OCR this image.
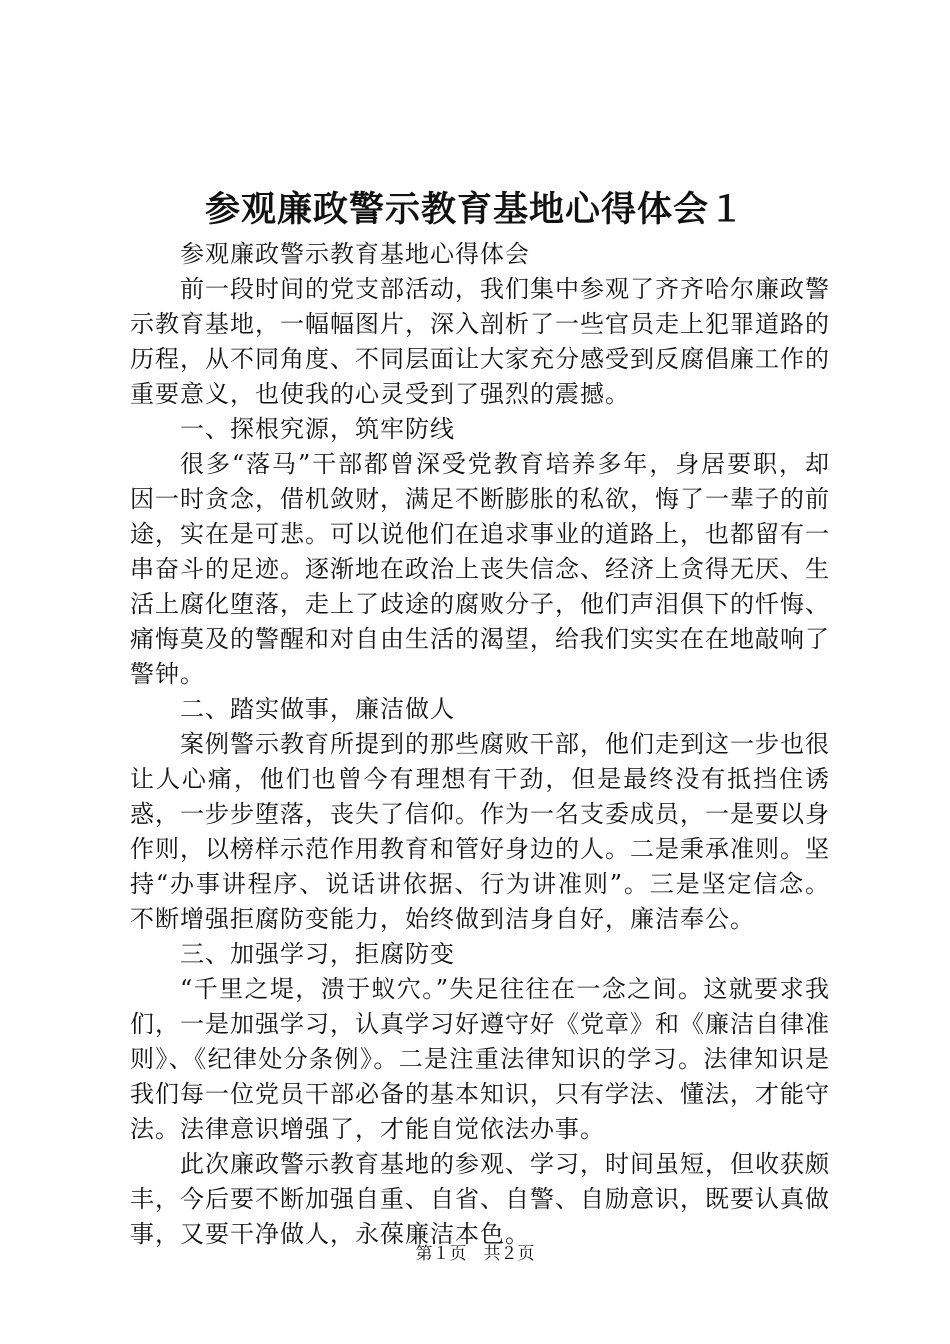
参观廉政警示教育基地心得体会１

参观廉政警示教育基地心得体会

前一段时间的党支部活动，我们集中参观了齐齐哈尔廉政警示教育基地，一幅幅图片，深入剖析了一些官员走上犯罪道路的历程，从不同角度、不同层面让大家充分感受到反腐倡廉工作的重要意义，也使我的心灵受到了强烈的震撼。

一、探根究源，筑牢防线

很多“落马”干部都曾深受党教育培养多年，身居要职，却因一时贪念，借机敛财，满足不断膨胀的私欲，悔了一辈子的前途，实在是可悲。可以说他们在追求事业的道路上，也都留有一串奋斗的足迹。逐渐地在政治上丧失信念、经济上贪得无厌、生活上腐化堕落，走上了歧途的腐败分子，他们声泪俱下的忏悔、痛悔莫及的警醒和对自由生活的渴望，给我们实实在在地敲响了警钟。

二、踏实做事，廉洁做人

案例警示教育所提到的那些腐败干部，他们走到这一步也很让人心痛，他们也曾今有理想有干劲，但是最终没有抵挡住诱惑，一步步堕落，丧失了信仰。作为一名支委成员，一是要以身作则，以榜样示范作用教育和管好身边的人。二是秉承准则。坚持“办事讲程序、说话讲依据、行为讲准则”。三是坚定信念。不断增强拒腐防变能力，始终做到洁身自好，廉洁奉公。

三、加强学习，拒腐防变

“千里之堤，溃于蚁穴。”失足往往在一念之间。这就要求我们，一是加强学习，认真学习好遵守好《党章》和《廉洁自律准则》、《纪律处分条例》。二是注重法律知识的学习。法律知识是我们每一位党员干部必备的基本知识，只有学法、懂法，才能守法。法律意识增强了，才能自觉依法办事。

此次廉政警示教育基地的参观、学习，时间虽短，但收获颇丰，今后要不断加强自重、自省、自警、自励意识，既要认真做事，又要干净做人，永葆廉洁本色。

第１页　共２页
